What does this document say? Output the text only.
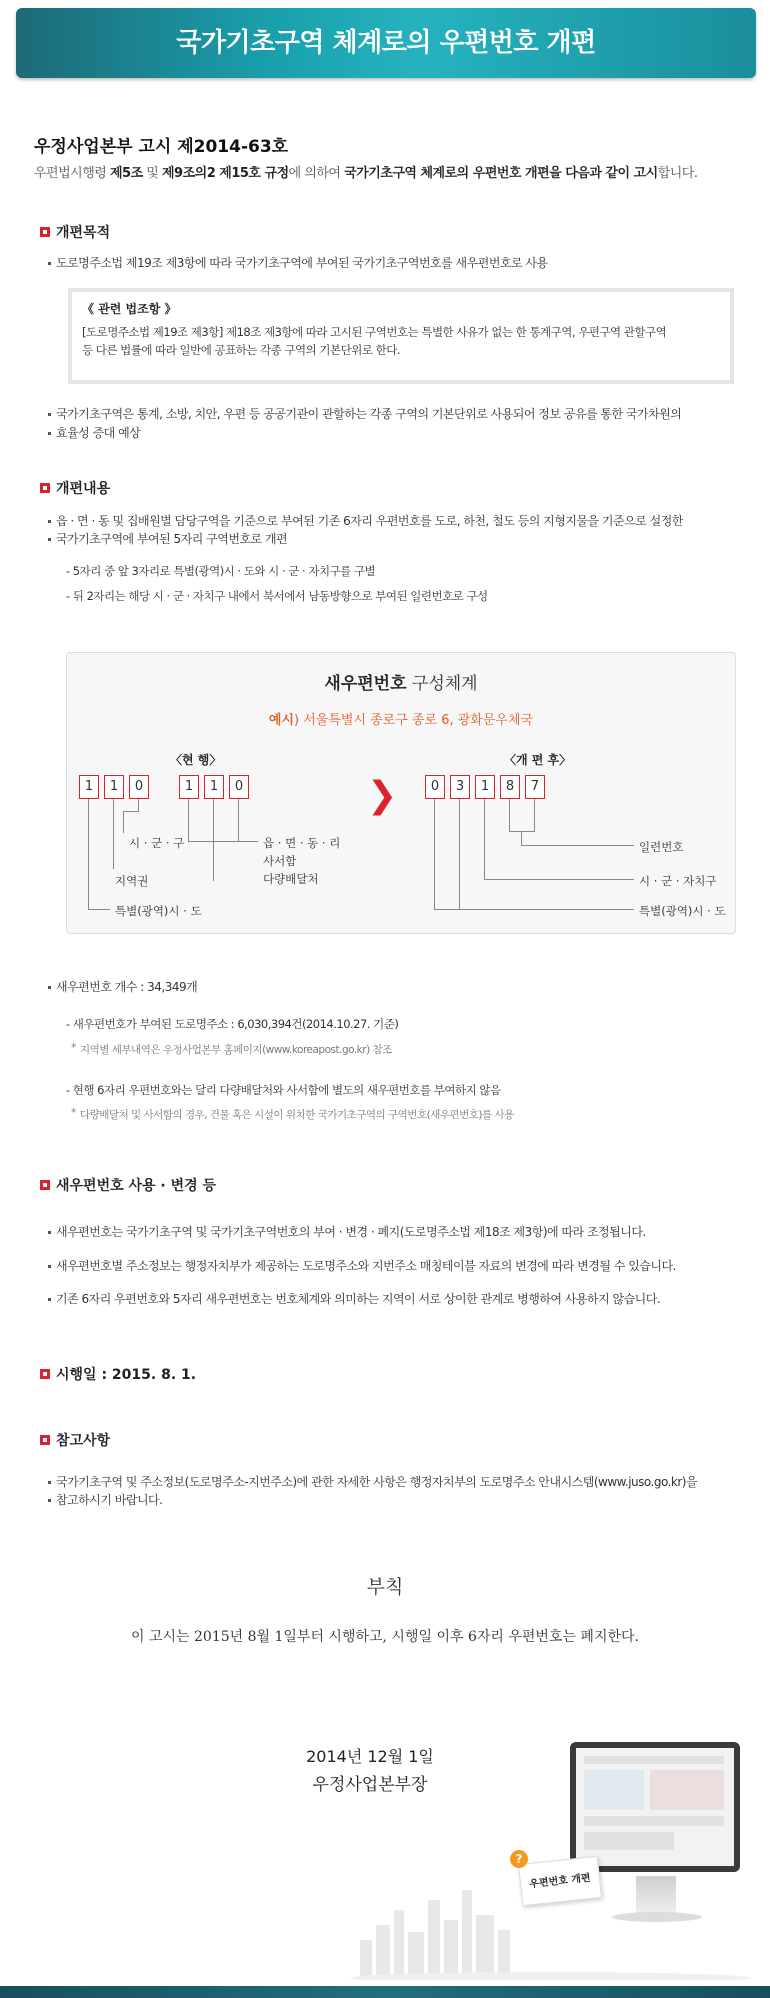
국가기초구역 체계로의 우편번호 개편
우정사업본부 고시 제2014-63호
우편법시행령 제5조 및 제9조의2 제15호 규정에 의하여 국가기초구역 체계로의 우편번호 개편을 다음과 같이 고시합니다.
개편목적
도로명주소법 제19조 제3항에 따라 국가기초구역에 부여된 국가기초구역번호를 새우편번호로 사용
《 관련 법조항 》
[도로명주소법 제19조 제3항] 제18조 제3항에 따라 고시된 구역번호는 특별한 사유가 없는 한 통계구역, 우편구역 관할구역
등 다른 법률에 따라 일반에 공표하는 각종 구역의 기본단위로 한다.
국가기초구역은 통계, 소방, 치안, 우편 등 공공기관이 관할하는 각종 구역의 기본단위로 사용되어 정보 공유를 통한 국가차원의
효율성 증대 예상
개편내용
읍 · 면 · 동 및 집배원별 담당구역을 기준으로 부여된 기존 6자리 우편번호를 도로, 하천, 철도 등의 지형지물을 기준으로 설정한
국가기초구역에 부여된 5자리 구역번호로 개편
- 5자리 중 앞 3자리로 특별(광역)시 · 도와 시 · 군 · 자치구를 구별
- 뒤 2자리는 해당 시 · 군 · 자치구 내에서 북서에서 남동방향으로 부여된 일련번호로 구성
새우편번호 구성체계
예시) 서울특별시 종로구 종로 6, 광화문우체국
〈현 행〉	〈개 편 후〉
1	1	0	1	1	0	❯	0	3	1	8	7
시 · 군 · 구
지역권
특별(광역)시 · 도
읍 · 면 · 동 · 리
사서함
다량배달처
일련번호
시 · 군 · 자치구
특별(광역)시 · 도
새우편번호 개수 : 34,349개
- 새우편번호가 부여된 도로명주소 : 6,030,394건(2014.10.27. 기준)
* 지역별 세부내역은 우정사업본부 홈페이지(www.koreapost.go.kr) 참조
- 현행 6자리 우편번호와는 달리 다량배달처와 사서함에 별도의 새우편번호를 부여하지 않음
* 다량배달처 및 사서함의 경우, 건물 혹은 시설이 위치한 국가기초구역의 구역번호(새우편번호)를 사용
새우편번호 사용 · 변경 등
새우편번호는 국가기초구역 및 국가기초구역번호의 부여 · 변경 · 폐지(도로명주소법 제18조 제3항)에 따라 조정됩니다.
새우편번호별 주소정보는 행정자치부가 제공하는 도로명주소와 지번주소 매칭테이블 자료의 변경에 따라 변경될 수 있습니다.
기존 6자리 우편번호와 5자리 새우편번호는 번호체계와 의미하는 지역이 서로 상이한 관계로 병행하여 사용하지 않습니다.
시행일 : 2015. 8. 1.
참고사항
국가기초구역 및 주소정보(도로명주소-지번주소)에 관한 자세한 사항은 행정자치부의 도로명주소 안내시스템(www.juso.go.kr)을
참고하시기 바랍니다.
부칙
이 고시는 2015년 8월 1일부터 시행하고, 시행일 이후 6자리 우편번호는 폐지한다.
2014년 12월 1일
우정사업본부장
우편번호 개편
?
